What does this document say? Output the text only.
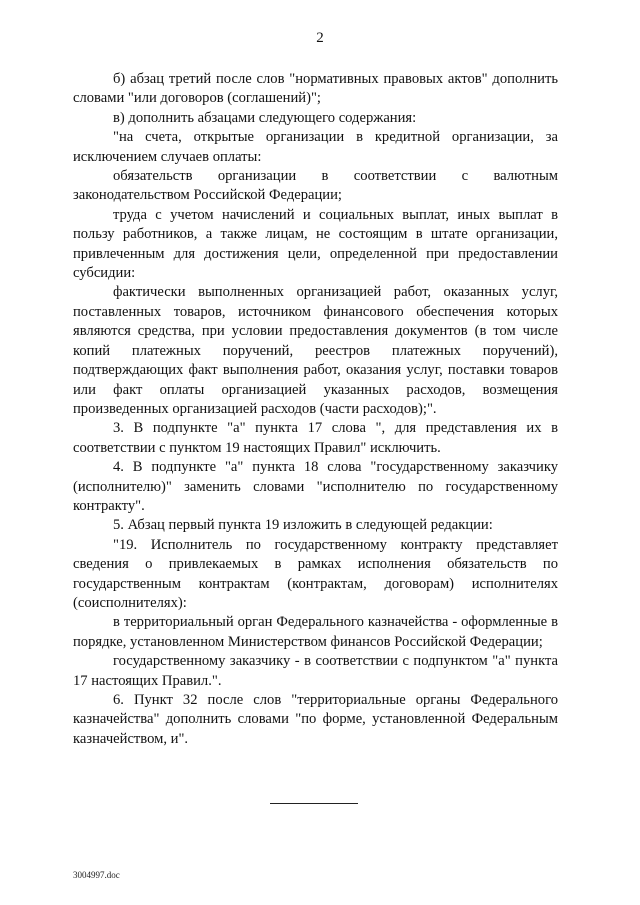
2

б) абзац третий после слов "нормативных правовых актов" дополнить словами "или договоров (соглашений)";

в) дополнить абзацами следующего содержания:

"на счета, открытые организации в кредитной организации, за исключением случаев оплаты:

обязательств организации в соответствии с валютным законодательством Российской Федерации;

труда с учетом начислений и социальных выплат, иных выплат в пользу работников, а также лицам, не состоящим в штате организации, привлеченным для достижения цели, определенной при предоставлении субсидии:

фактически выполненных организацией работ, оказанных услуг, поставленных товаров, источником финансового обеспечения которых являются средства, при условии предоставления документов (в том числе копий платежных поручений, реестров платежных поручений), подтверждающих факт выполнения работ, оказания услуг, поставки товаров или факт оплаты организацией указанных расходов, возмещения произведенных организацией расходов (части расходов);".

3. В подпункте "а" пункта 17 слова ", для представления их в соответствии с пунктом 19 настоящих Правил" исключить.

4. В подпункте "а" пункта 18 слова "государственному заказчику (исполнителю)" заменить словами "исполнителю по государственному контракту".

5. Абзац первый пункта 19 изложить в следующей редакции:

"19. Исполнитель по государственному контракту представляет сведения о привлекаемых в рамках исполнения обязательств по государственным контрактам (контрактам, договорам) исполнителях (соисполнителях):

в территориальный орган Федерального казначейства - оформленные в порядке, установленном Министерством финансов Российской Федерации;

государственному заказчику - в соответствии с подпунктом "а" пункта 17 настоящих Правил.".

6. Пункт 32 после слов "территориальные органы Федерального казначейства" дополнить словами "по форме, установленной Федеральным казначейством, и".

3004997.doc
